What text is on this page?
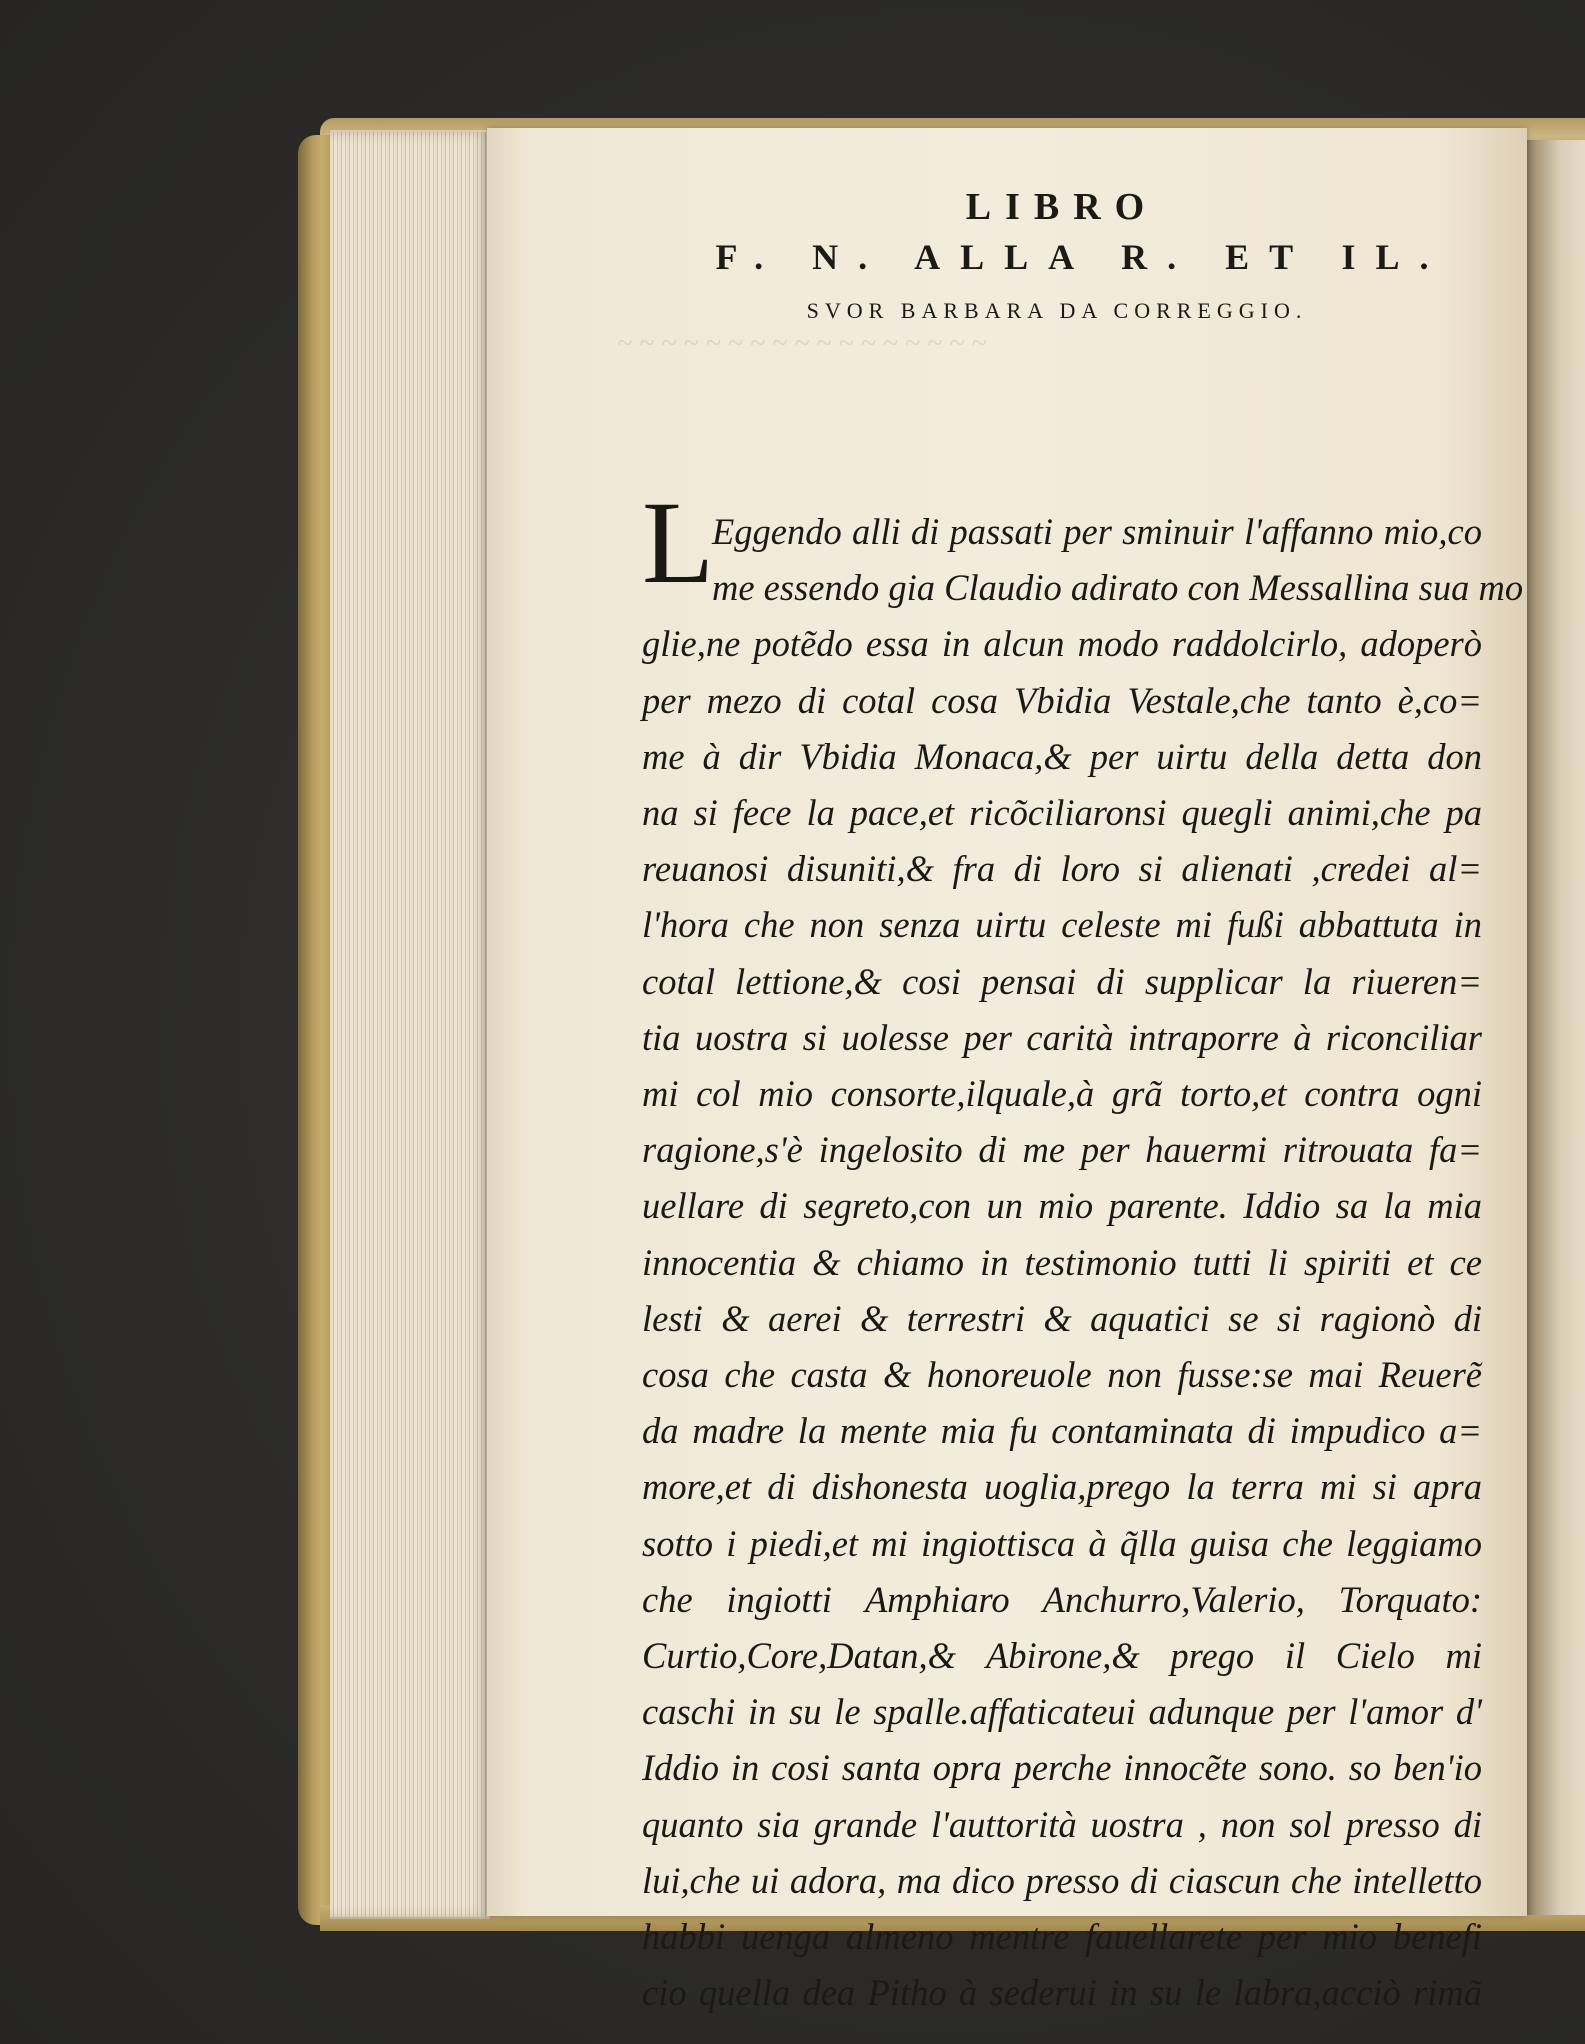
~ ~ ~ ~ ~ ~ ~ ~ ~ ~ ~ ~ ~ ~ ~ ~ ~
LIBRO
F. N. ALLA R. ET IL.
SVOR BARBARA DA CORREGGIO.
L
Eggendo alli di passati per sminuir l'affanno mio,co
me essendo gia Claudio adirato con Messallina sua mo
glie,ne potẽdo essa in alcun modo raddolcirlo, adoperò
per mezo di cotal cosa Vbidia Vestale,che tanto è,co=
me à dir Vbidia Monaca,& per uirtu della detta don
na si fece la pace,et ricõciliaronsi quegli animi,che pa
reuanosi disuniti,& fra di loro si alienati ,credei al=
l'hora che non senza uirtu celeste mi fußi abbattuta in
cotal lettione,& cosi pensai di supplicar la riueren=
tia uostra si uolesse per carità intraporre à riconciliar
mi col mio consorte,ilquale,à grã torto,et contra ogni
ragione,s'è ingelosito di me per hauermi ritrouata fa=
uellare di segreto,con un mio parente. Iddio sa la mia
innocentia & chiamo in testimonio tutti li spiriti et ce
lesti & aerei & terrestri & aquatici se si ragionò di
cosa che casta & honoreuole non fusse:se mai Reuerẽ
da madre la mente mia fu contaminata di impudico a=
more,et di dishonesta uoglia,prego la terra mi si apra
sotto i piedi,et mi ingiottisca à q̃lla guisa che leggiamo
che ingiotti Amphiaro Anchurro,Valerio, Torquato:
Curtio,Core,Datan,& Abirone,& prego il Cielo mi
caschi in su le spalle.affaticateui adunque per l'amor d'
Iddio in cosi santa opra perche innocẽte sono. so ben'io
quanto sia grande l'auttorità uostra , non sol presso di
lui,che ui adora, ma dico presso di ciascun che intelletto
habbi uenga almeno mentre fauellarete per mio benefi
cio quella dea Pitho à sederui in su le labra,acciò rimã
